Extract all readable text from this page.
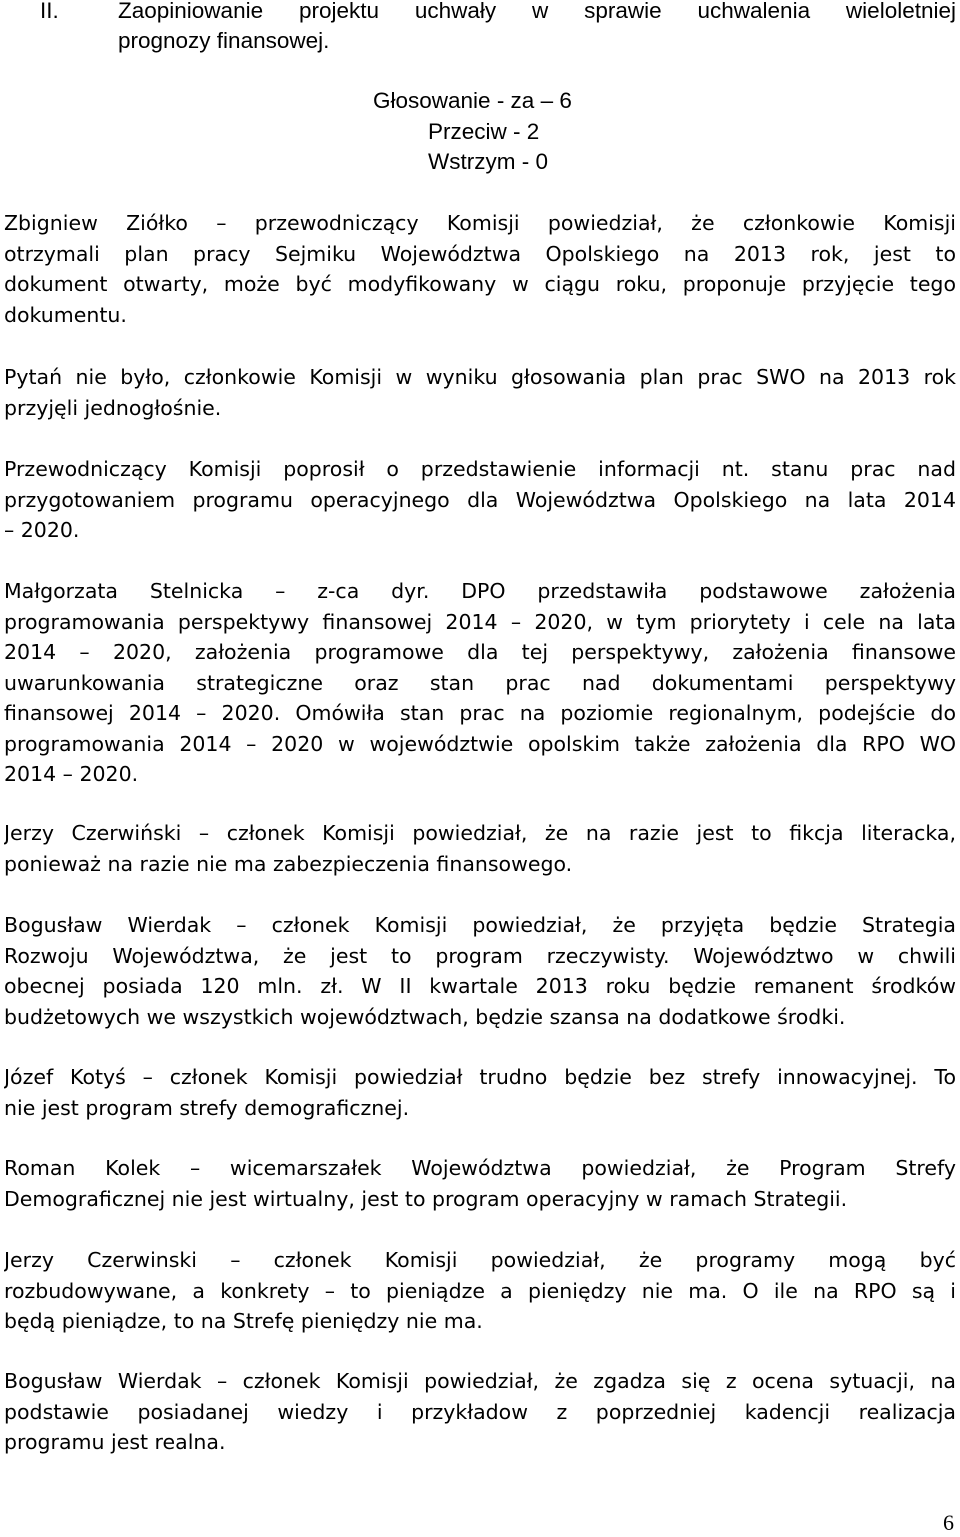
II.	Zaopiniowanie projektu uchwały w sprawie uchwalenia wieloletniej
prognozy finansowej.
Głosowanie - za – 6
Przeciw - 2
Wstrzym - 0
Zbigniew Ziółko – przewodniczący Komisji powiedział, że członkowie Komisji
otrzymali plan pracy Sejmiku Województwa Opolskiego na 2013 rok, jest to
dokument otwarty, może być modyfikowany w ciągu roku, proponuje przyjęcie tego
dokumentu.
Pytań nie było, członkowie Komisji w wyniku głosowania plan prac SWO na 2013 rok
przyjęli jednogłośnie.
Przewodniczący Komisji poprosił o przedstawienie informacji nt. stanu prac nad
przygotowaniem programu operacyjnego dla Województwa Opolskiego na lata 2014
– 2020.
Małgorzata Stelnicka – z-ca dyr. DPO przedstawiła podstawowe założenia
programowania perspektywy finansowej 2014 – 2020, w tym priorytety i cele na lata
2014 – 2020, założenia programowe dla tej perspektywy, założenia finansowe
uwarunkowania strategiczne oraz stan prac nad dokumentami perspektywy
finansowej 2014 – 2020. Omówiła stan prac na poziomie regionalnym, podejście do
programowania 2014 – 2020 w województwie opolskim także założenia dla RPO WO
2014 – 2020.
Jerzy Czerwiński – członek Komisji powiedział, że na razie jest to fikcja literacka,
ponieważ na razie nie ma zabezpieczenia finansowego.
Bogusław Wierdak – członek Komisji powiedział, że przyjęta będzie Strategia
Rozwoju Województwa, że jest to program rzeczywisty. Województwo w chwili
obecnej posiada 120 mln. zł. W II kwartale 2013 roku będzie remanent środków
budżetowych we wszystkich województwach, będzie szansa na dodatkowe środki.
Józef Kotyś – członek Komisji powiedział trudno będzie bez strefy innowacyjnej. To
nie jest program strefy demograficznej.
Roman Kolek – wicemarszałek Województwa powiedział, że Program Strefy
Demograficznej nie jest wirtualny, jest to program operacyjny w ramach Strategii.
Jerzy Czerwinski – członek Komisji powiedział, że programy mogą być
rozbudowywane, a konkrety – to pieniądze a pieniędzy nie ma. O ile na RPO są i
będą pieniądze, to na Strefę pieniędzy nie ma.
Bogusław Wierdak – członek Komisji powiedział, że zgadza się z ocena sytuacji, na
podstawie posiadanej wiedzy i przykładow z poprzedniej kadencji realizacja
programu jest realna.
6
